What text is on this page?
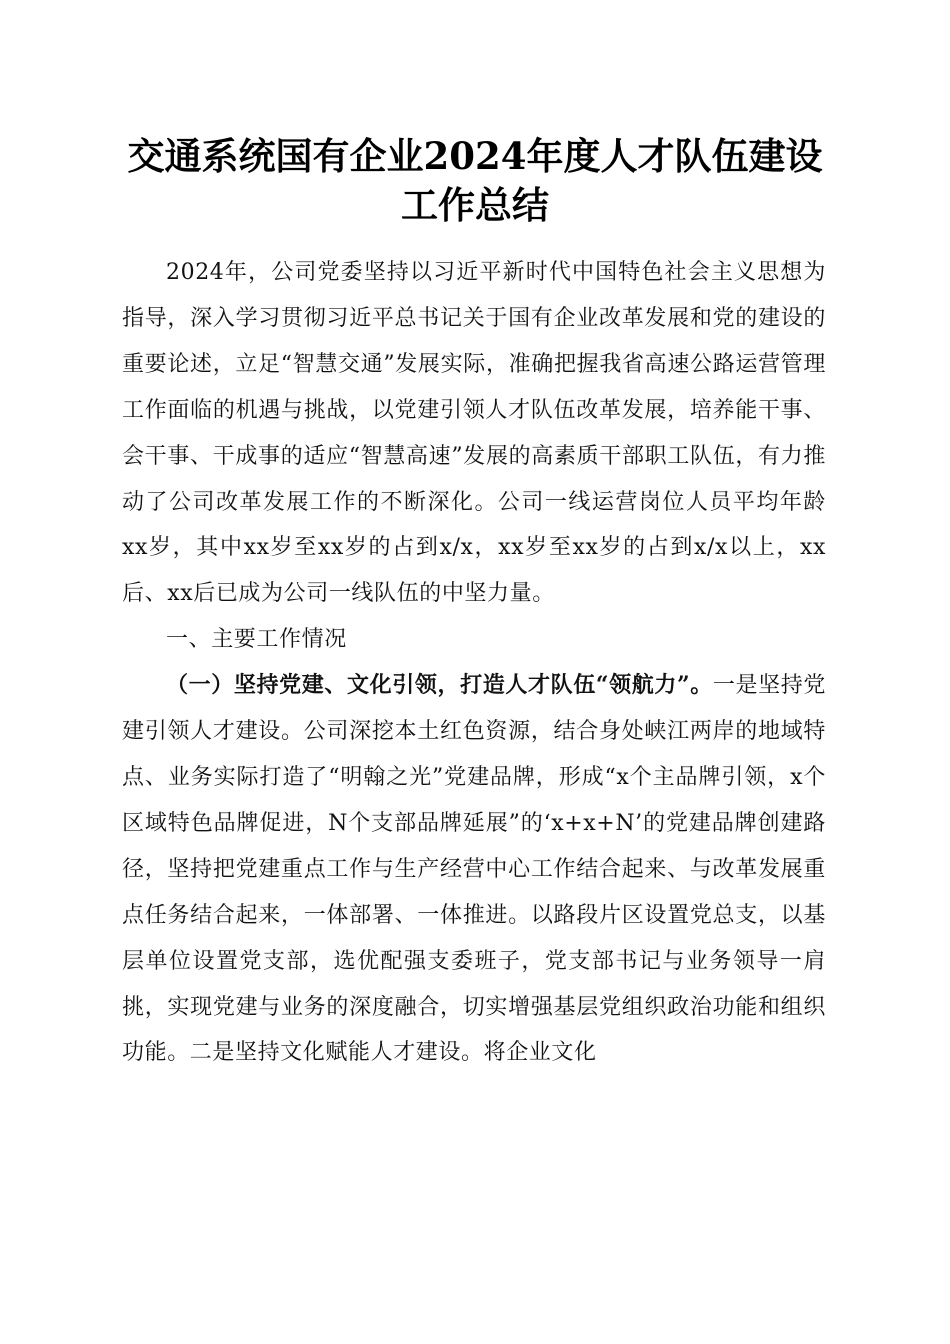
交通系统国有企业2024年度人才队伍建设工作总结

2024年，公司党委坚持以习近平新时代中国特色社会主义思想为指导，深入学习贯彻习近平总书记关于国有企业改革发展和党的建设的重要论述，立足“智慧交通”发展实际，准确把握我省高速公路运营管理工作面临的机遇与挑战，以党建引领人才队伍改革发展，培养能干事、会干事、干成事的适应“智慧高速”发展的高素质干部职工队伍，有力推动了公司改革发展工作的不断深化。公司一线运营岗位人员平均年龄xx岁，其中xx岁至xx岁的占到x/x，xx岁至xx岁的占到x/x以上，xx后、xx后已成为公司一线队伍的中坚力量。

一、主要工作情况

（一）坚持党建、文化引领，打造人才队伍“领航力”。一是坚持党建引领人才建设。公司深挖本土红色资源，结合身处峡江两岸的地域特点、业务实际打造了“明翰之光”党建品牌，形成“x个主品牌引领，x个区域特色品牌促进，N个支部品牌延展”的‘x+x+N’的党建品牌创建路径，坚持把党建重点工作与生产经营中心工作结合起来、与改革发展重点任务结合起来，一体部署、一体推进。以路段片区设置党总支，以基层单位设置党支部，选优配强支委班子，党支部书记与业务领导一肩挑，实现党建与业务的深度融合，切实增强基层党组织政治功能和组织功能。二是坚持文化赋能人才建设。将企业文化
